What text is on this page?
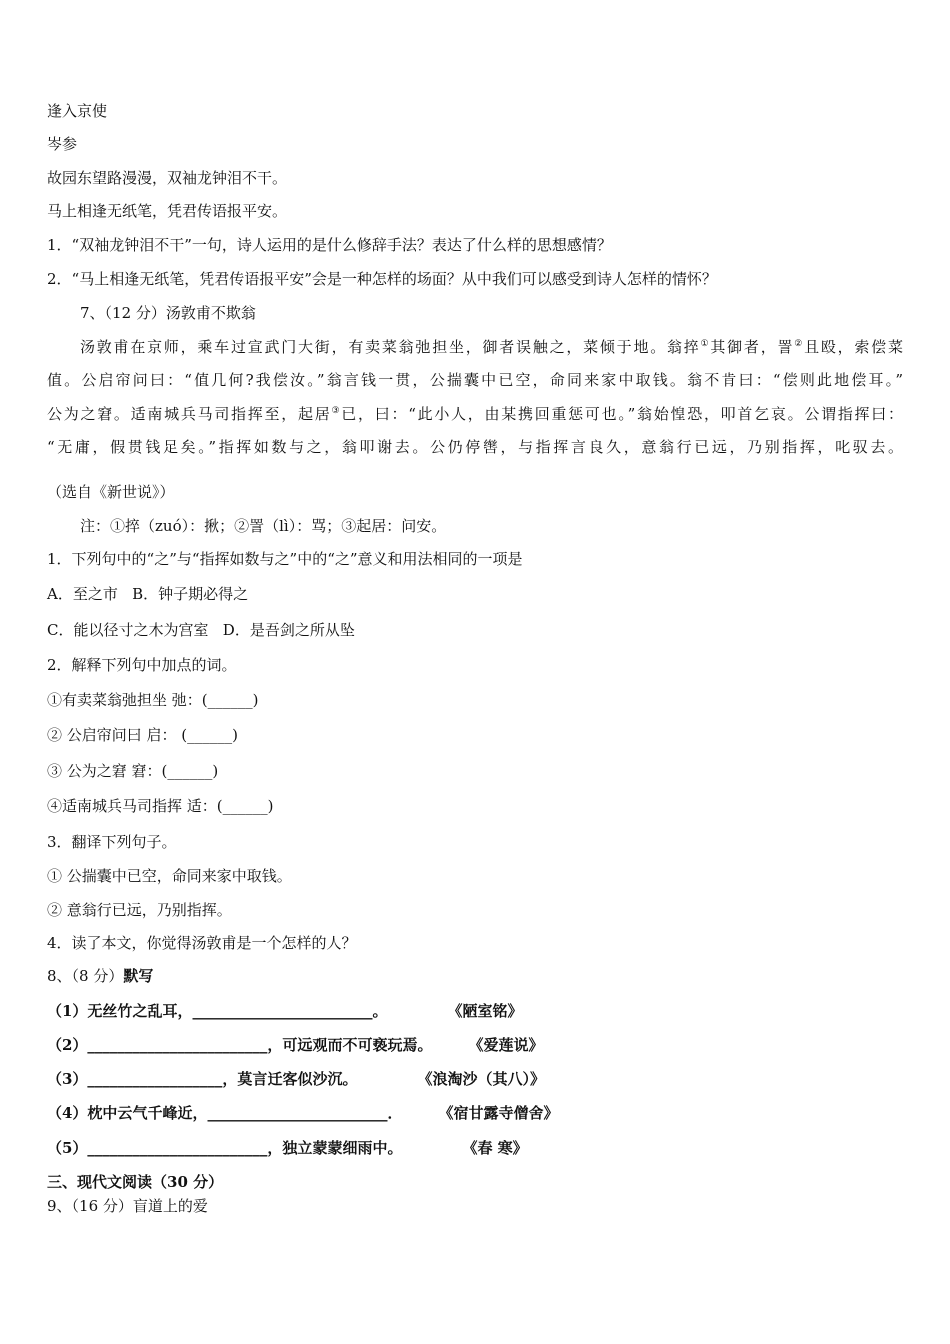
逢入京使
岑参
故园东望路漫漫，双袖龙钟泪不干。
马上相逢无纸笔，凭君传语报平安。
1．“双袖龙钟泪不干”一句，诗人运用的是什么修辞手法？表达了什么样的思想感情？
2．“马上相逢无纸笔，凭君传语报平安”会是一种怎样的场面？从中我们可以感受到诗人怎样的情怀？
7、（12 分）汤敦甫不欺翁
汤敦甫在京师，乘车过宣武门大街，有卖菜翁弛担坐，御者误触之，菜倾于地。翁捽①其御者，詈②且殴，索偿菜
值。公启帘问曰：“值几何?我偿汝。”翁言钱一贯，公揣囊中已空，命同来家中取钱。翁不肯曰：“偿则此地偿耳。”
公为之窘。适南城兵马司指挥至，起居③已，曰：“此小人，由某携回重惩可也。”翁始惶恐，叩首乞哀。公谓指挥曰：
“无庸，假贯钱足矣。”指挥如数与之，翁叩谢去。公仍停辔，与指挥言良久，意翁行已远，乃别指挥，叱驭去。
（选自《新世说》）
注：①捽（zuó）：揪；②詈（lì）：骂；③起居：问安。
1．下列句中的“之”与“指挥如数与之”中的“之”意义和用法相同的一项是
A．至之市 B．钟子期必得之
C．能以径寸之木为宫室 D．是吾剑之所从坠
2．解释下列句中加点的词。
①有卖菜翁弛担坐 弛：(______)
② 公启帘问曰 启： (______)
③ 公为之窘 窘：(______)
④适南城兵马司指挥 适：(______)
3．翻译下列句子。
① 公揣囊中已空，命同来家中取钱。
② 意翁行已远，乃别指挥。
4．读了本文，你觉得汤敦甫是一个怎样的人？
8、（8 分）默写
（1）无丝竹之乱耳，________________________。	《陋室铭》
（2）________________________，可远观而不可亵玩焉。 《爱莲说》
（3）__________________，莫言迁客似沙沉。	《浪淘沙（其八）》
（4）枕中云气千峰近，________________________． 《宿甘露寺僧舍》
（5）________________________，独立蒙蒙细雨中。	《春 寒》
三、现代文阅读（30 分）
9、（16 分）盲道上的爱
